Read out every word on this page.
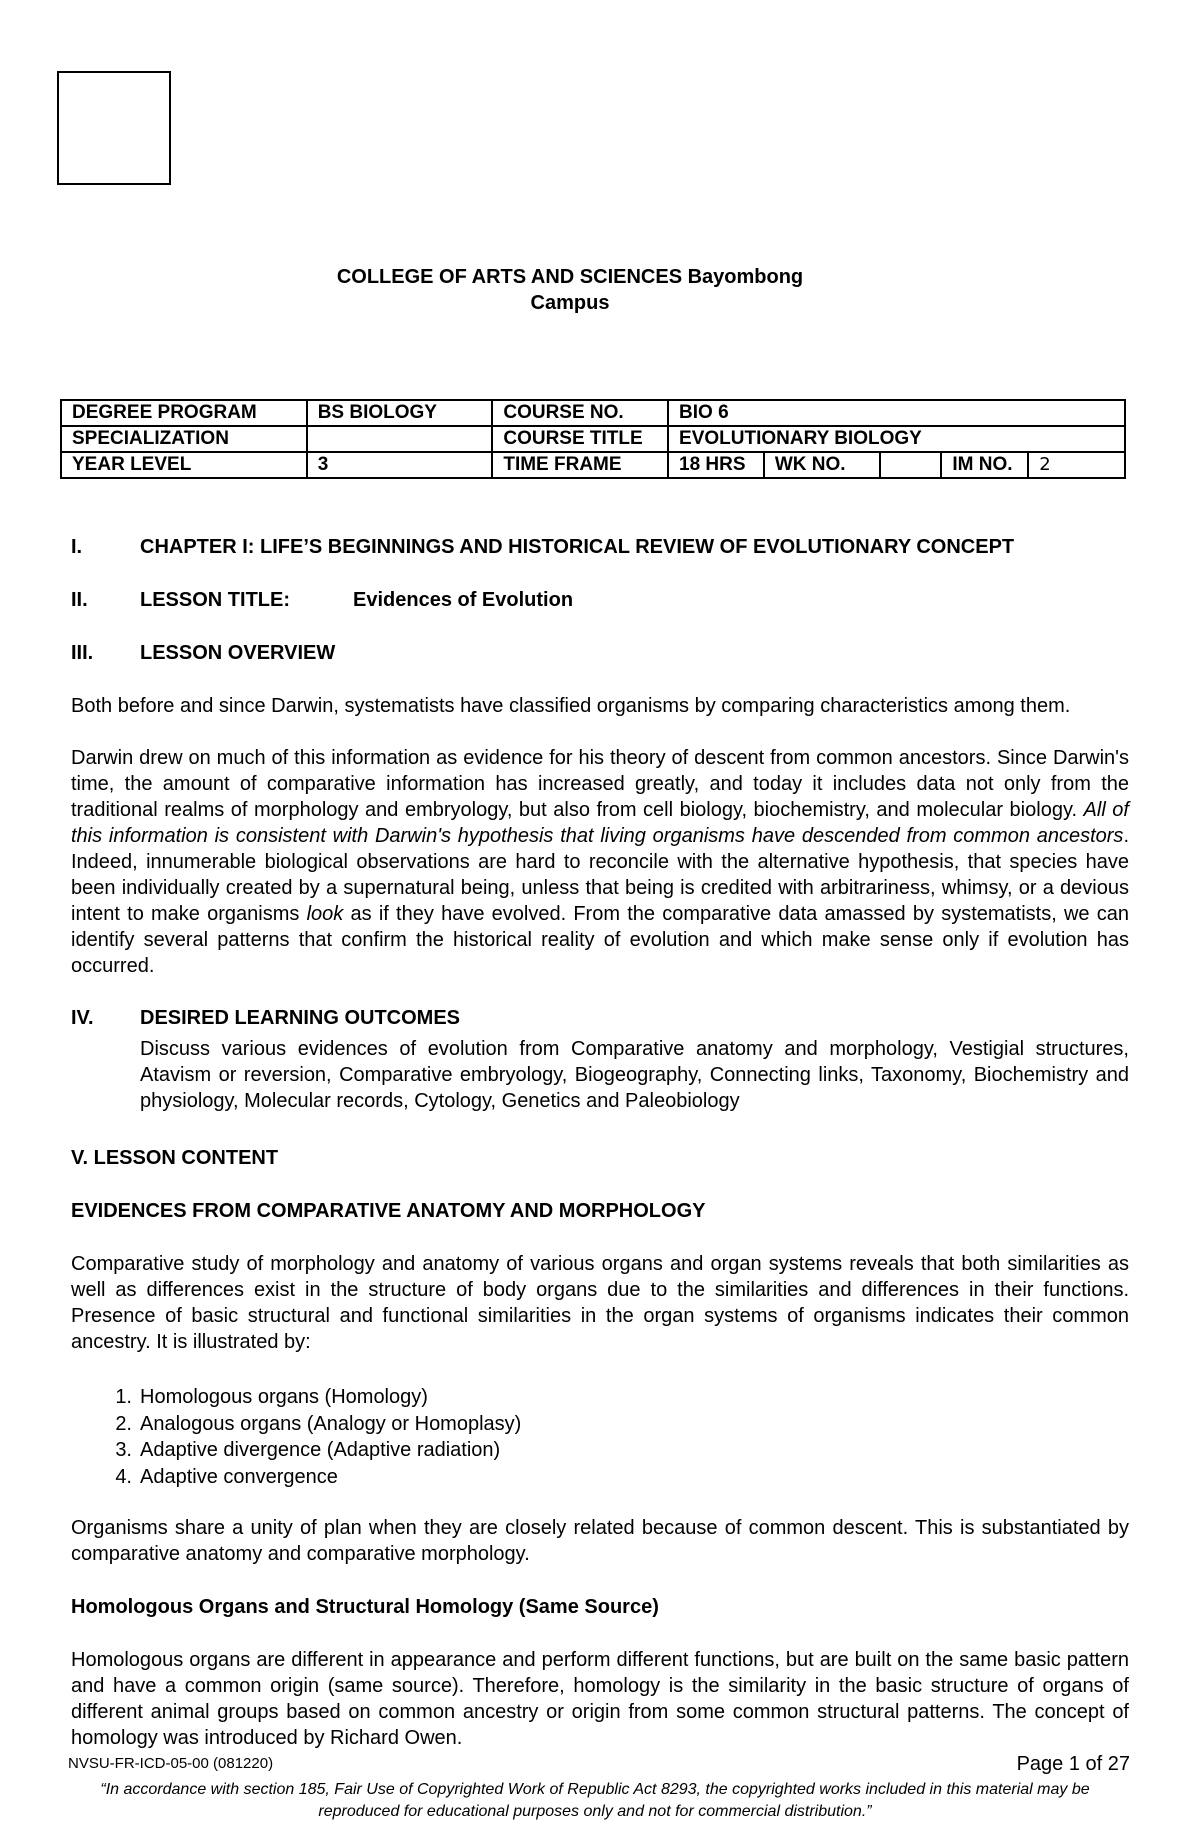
COLLEGE OF ARTS AND SCIENCES Bayombong
Campus
DEGREE PROGRAM	BS BIOLOGY	COURSE NO.	BIO 6				
SPECIALIZATION		COURSE TITLE	EVOLUTIONARY BIOLOGY				
YEAR LEVEL	3	TIME FRAME	18 HRS	WK NO.		IM NO.	2
I.	CHAPTER I: LIFE’S BEGINNINGS AND HISTORICAL REVIEW OF EVOLUTIONARY CONCEPT
II.	LESSON TITLE:	Evidences of Evolution
III. LESSON OVERVIEW
Both before and since Darwin, systematists have classified organisms by comparing characteristics among them.
Darwin drew on much of this information as evidence for his theory of descent from common ancestors. Since Darwin's time, the amount of comparative information has increased greatly, and today it includes data not only from the traditional realms of morphology and embryology, but also from cell biology, biochemistry, and molecular biology. All of this information is consistent with Darwin's hypothesis that living organisms have descended from common ancestors. Indeed, innumerable biological observations are hard to reconcile with the alternative hypothesis, that species have been individually created by a supernatural being, unless that being is credited with arbitrariness, whimsy, or a devious intent to make organisms look as if they have evolved. From the comparative data amassed by systematists, we can identify several patterns that confirm the historical reality of evolution and which make sense only if evolution has occurred.
IV. DESIRED LEARNING OUTCOMES
Discuss various evidences of evolution from Comparative anatomy and morphology, Vestigial structures, Atavism or reversion, Comparative embryology, Biogeography, Connecting links, Taxonomy, Biochemistry and physiology, Molecular records, Cytology, Genetics and Paleobiology
V. LESSON CONTENT
EVIDENCES FROM COMPARATIVE ANATOMY AND MORPHOLOGY
Comparative study of morphology and anatomy of various organs and organ systems reveals that both similarities as well as differences exist in the structure of body organs due to the similarities and differences in their functions. Presence of basic structural and functional similarities in the organ systems of organisms indicates their common ancestry. It is illustrated by:
1. Homologous organs (Homology)
2. Analogous organs (Analogy or Homoplasy)
3. Adaptive divergence (Adaptive radiation)
4. Adaptive convergence
Organisms share a unity of plan when they are closely related because of common descent. This is substantiated by comparative anatomy and comparative morphology.
Homologous Organs and Structural Homology (Same Source)
Homologous organs are different in appearance and perform different functions, but are built on the same basic pattern and have a common origin (same source). Therefore, homology is the similarity in the basic structure of organs of different animal groups based on common ancestry or origin from some common structural patterns. The concept of homology was introduced by Richard Owen.
NVSU-FR-ICD-05-00 (081220)	Page 1 of 27
“In accordance with section 185, Fair Use of Copyrighted Work of Republic Act 8293, the copyrighted works included in this material may be reproduced for educational purposes only and not for commercial distribution.”
